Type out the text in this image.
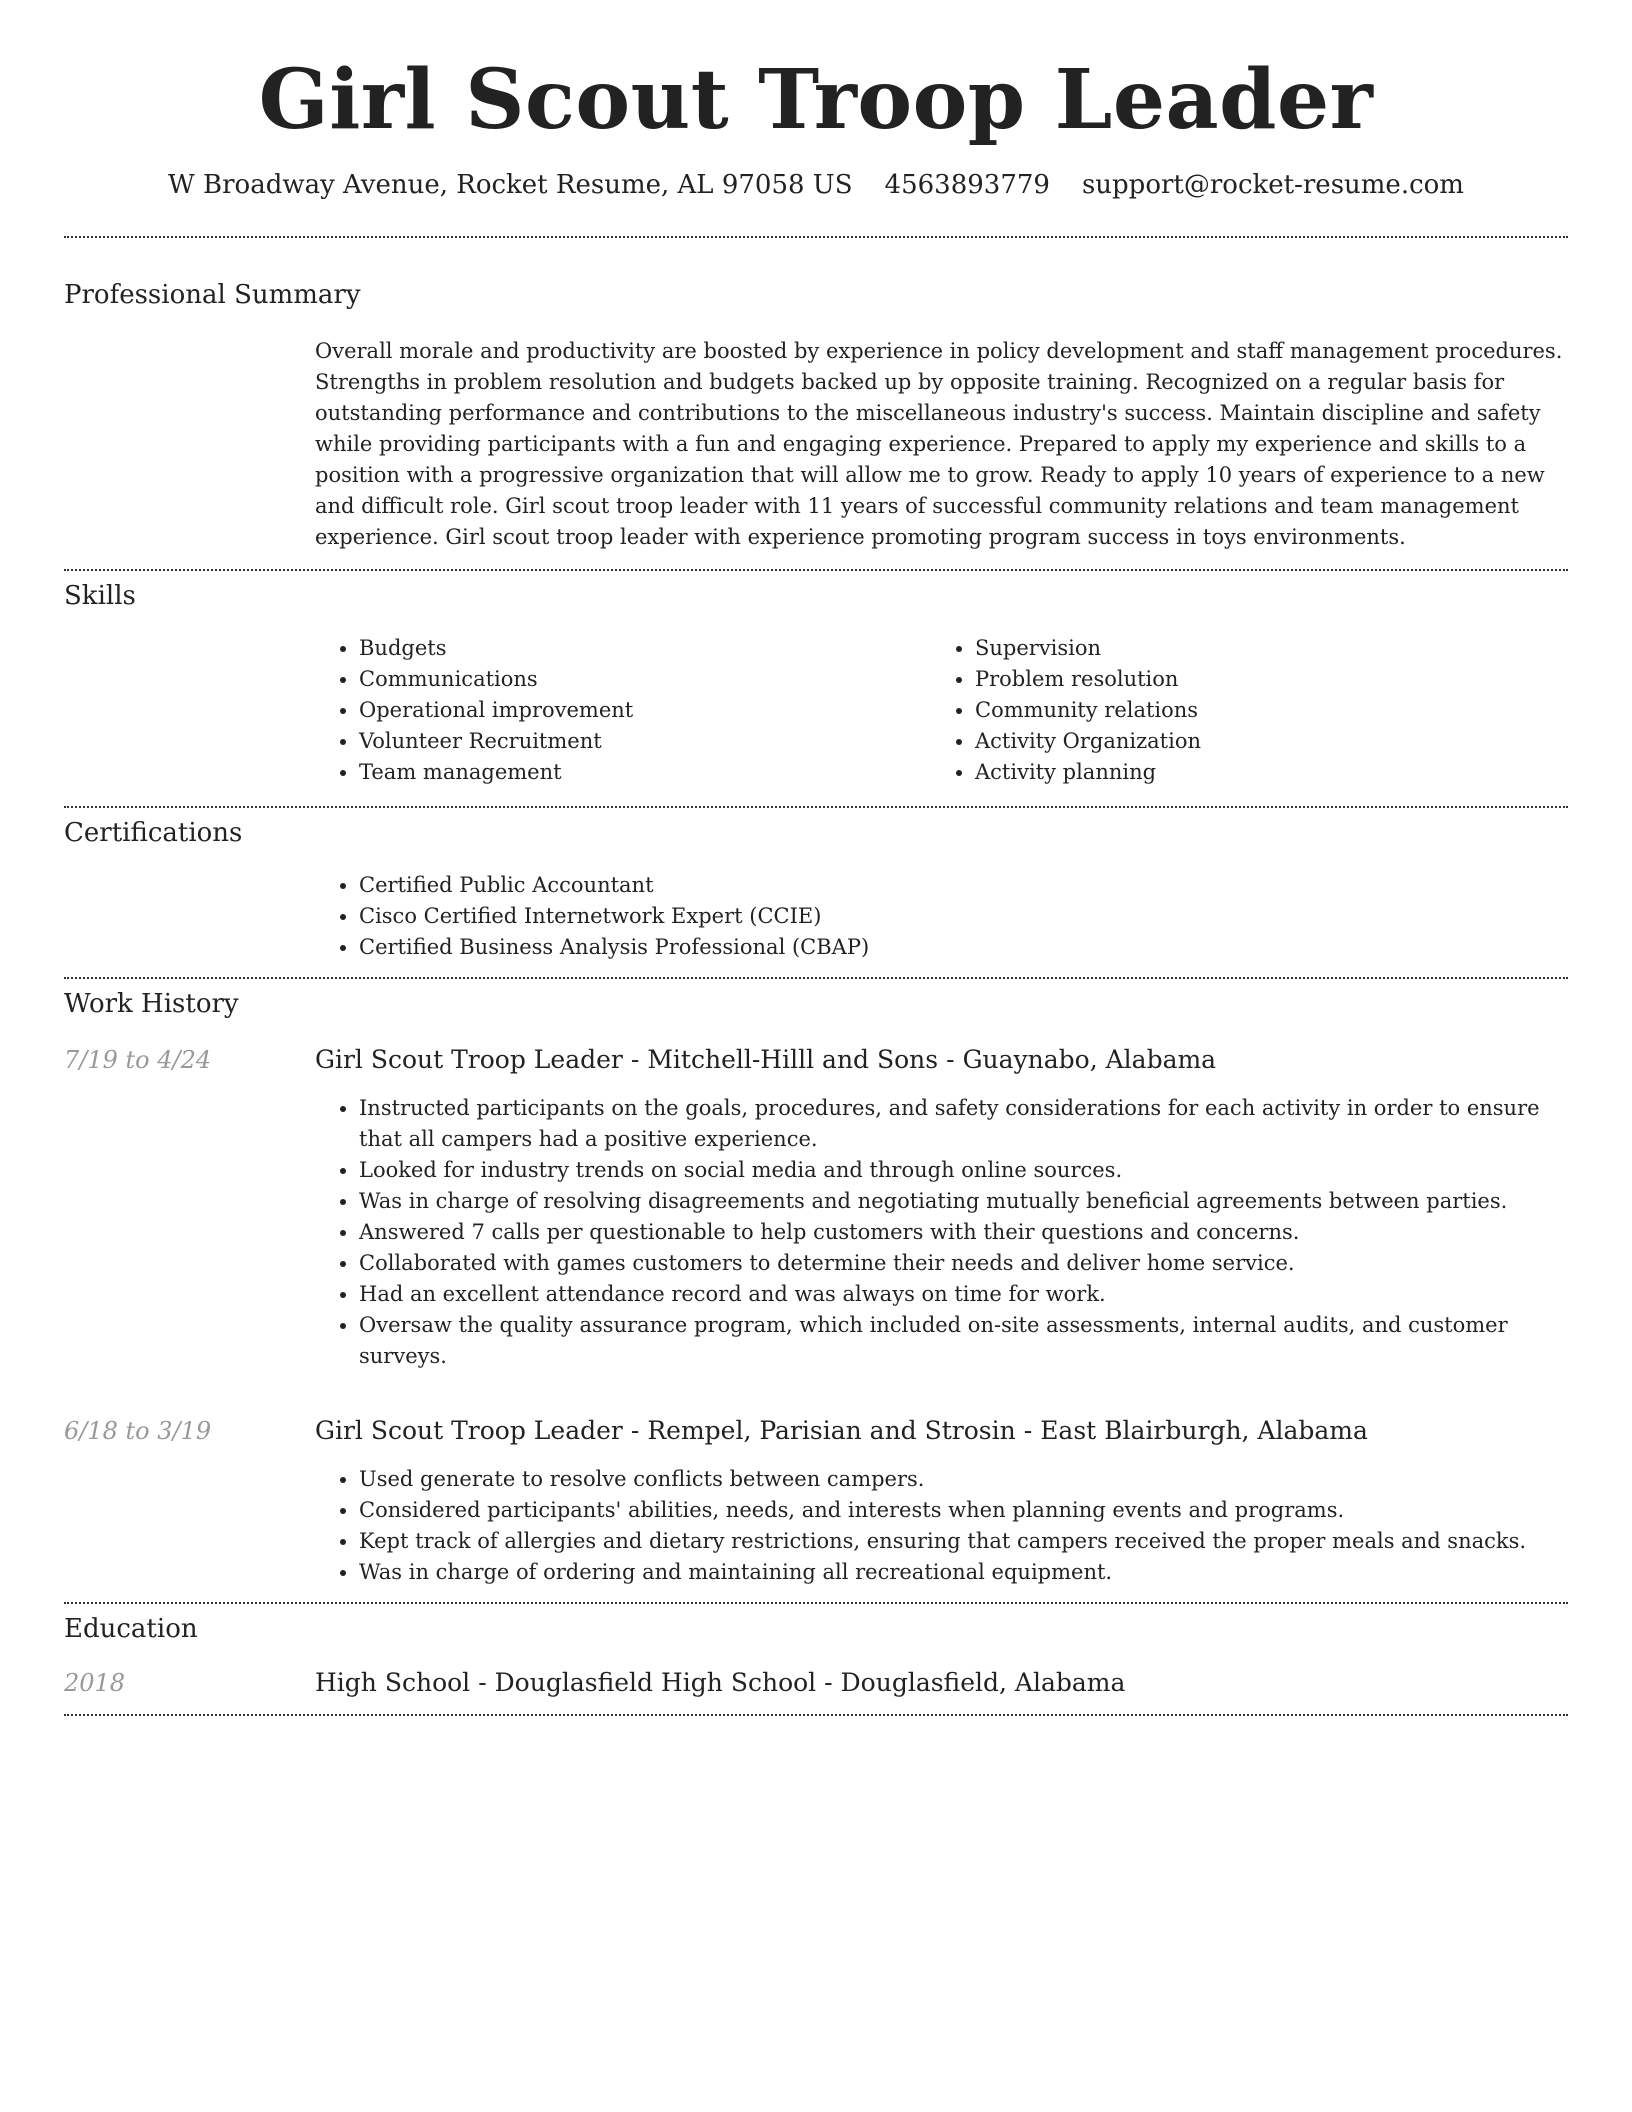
Girl Scout Troop Leader
W Broadway Avenue, Rocket Resume, AL 97058 US 4563893779 support@rocket-resume.com
Professional Summary
Overall morale and productivity are boosted by experience in policy development and staff management procedures. Strengths in problem resolution and budgets backed up by opposite training. Recognized on a regular basis for outstanding performance and contributions to the miscellaneous industry's success. Maintain discipline and safety while providing participants with a fun and engaging experience. Prepared to apply my experience and skills to a position with a progressive organization that will allow me to grow. Ready to apply 10 years of experience to a new and difficult role. Girl scout troop leader with 11 years of successful community relations and team management experience. Girl scout troop leader with experience promoting program success in toys environments.
Skills
• Budgets
• Communications
• Operational improvement
• Volunteer Recruitment
• Team management
• Supervision
• Problem resolution
• Community relations
• Activity Organization
• Activity planning
Certifications
• Certified Public Accountant
• Cisco Certified Internetwork Expert (CCIE)
• Certified Business Analysis Professional (CBAP)
Work History
7/19 to 4/24	Girl Scout Troop Leader - Mitchell-Hilll and Sons - Guaynabo, Alabama
• Instructed participants on the goals, procedures, and safety considerations for each activity in order to ensure that all campers had a positive experience.
• Looked for industry trends on social media and through online sources.
• Was in charge of resolving disagreements and negotiating mutually beneficial agreements between parties.
• Answered 7 calls per questionable to help customers with their questions and concerns.
• Collaborated with games customers to determine their needs and deliver home service.
• Had an excellent attendance record and was always on time for work.
• Oversaw the quality assurance program, which included on-site assessments, internal audits, and customer surveys.
6/18 to 3/19	Girl Scout Troop Leader - Rempel, Parisian and Strosin - East Blairburgh, Alabama
• Used generate to resolve conflicts between campers.
• Considered participants' abilities, needs, and interests when planning events and programs.
• Kept track of allergies and dietary restrictions, ensuring that campers received the proper meals and snacks.
• Was in charge of ordering and maintaining all recreational equipment.
Education
2018	High School - Douglasfield High School - Douglasfield, Alabama
